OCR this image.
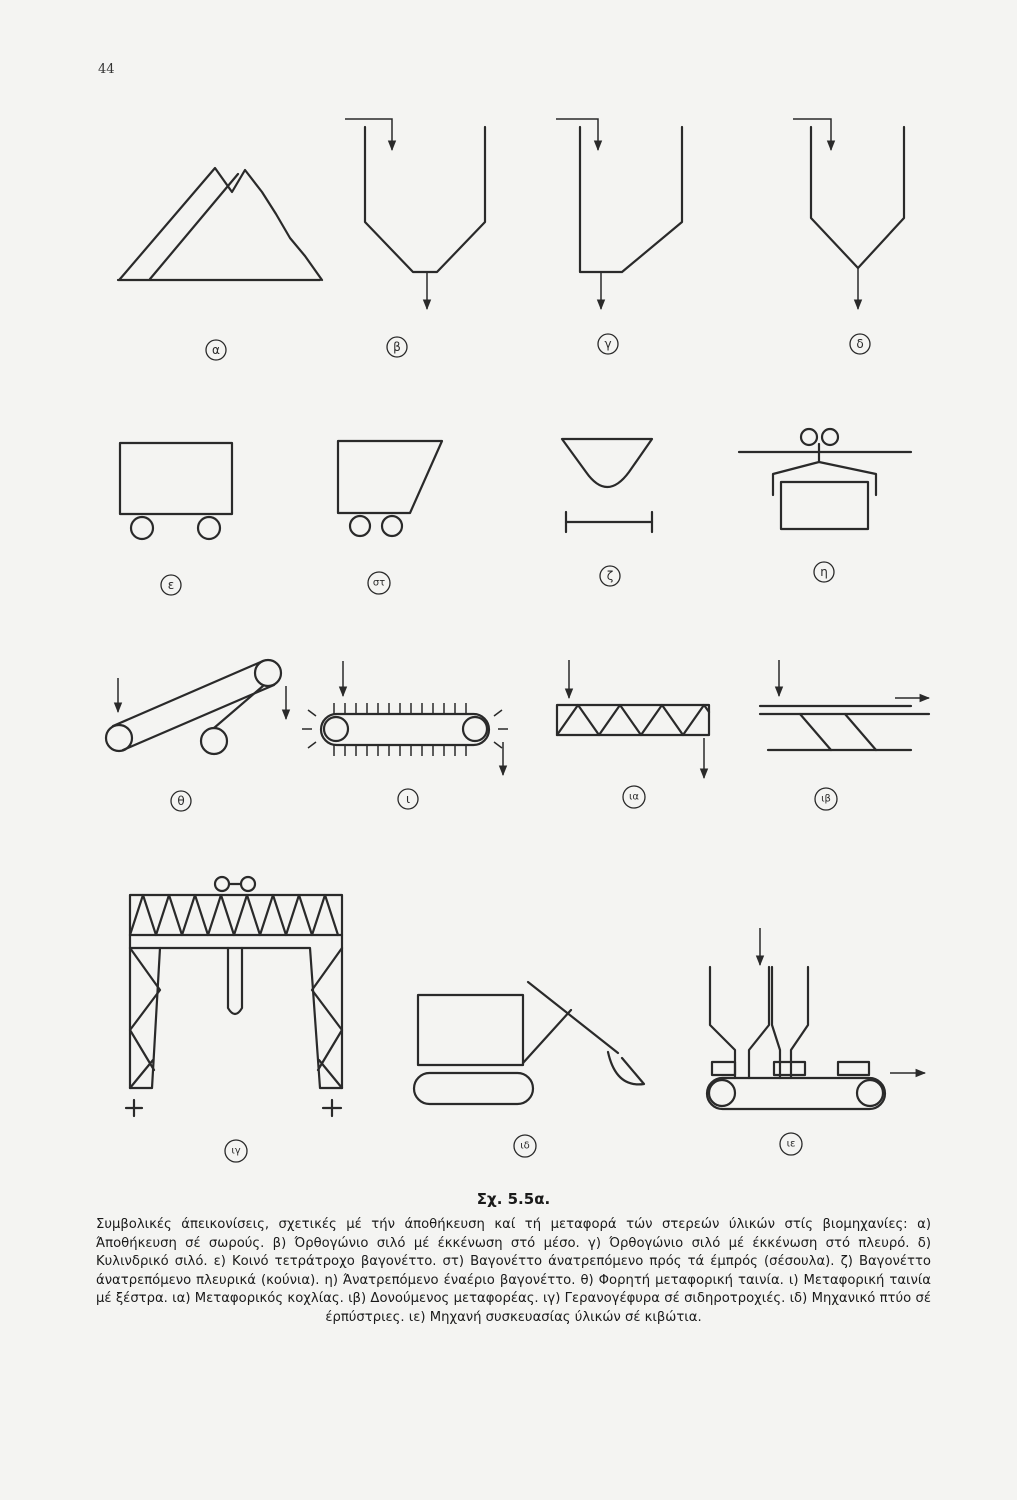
44
α	β	γ	δ
ε	στ	ζ	η
θ	ι	ια	ιβ
ιγ	ιδ	ιε
Σχ. 5.5α.
Συμβολικές άπεικονίσεις, σχετικές μέ τήν άποθήκευση καί τή μεταφορά τών στερεών ύλικών στίς βιομηχανίες: α) Άποθήκευση σέ σωρούς. β) Όρθογώνιο σιλό μέ έκκένωση στό μέσο. γ) Όρθογώνιο σιλό μέ έκκένωση στό πλευρό. δ) Κυλινδρικό σιλό. ε) Κοινό τετράτροχο βαγονέττο. στ) Βαγονέττο άνατρεπόμενο πρός τά έμπρός (σέσουλα). ζ) Βαγονέττο άνατρεπόμενο πλευρικά (κούνια). η) Άνατρεπόμενο έναέριο βαγονέττο. θ) Φορητή μεταφορική ταινία. ι) Μεταφορική ταινία μέ ξέστρα. ια) Μεταφορικός κοχλίας. ιβ) Δονούμενος μεταφορέας. ιγ) Γερανογέφυρα σέ σιδηροτροχιές. ιδ) Μηχανικό πτύο σέ έρπύστριες. ιε) Μηχανή συσκευασίας ύλικών σέ κιβώτια.
